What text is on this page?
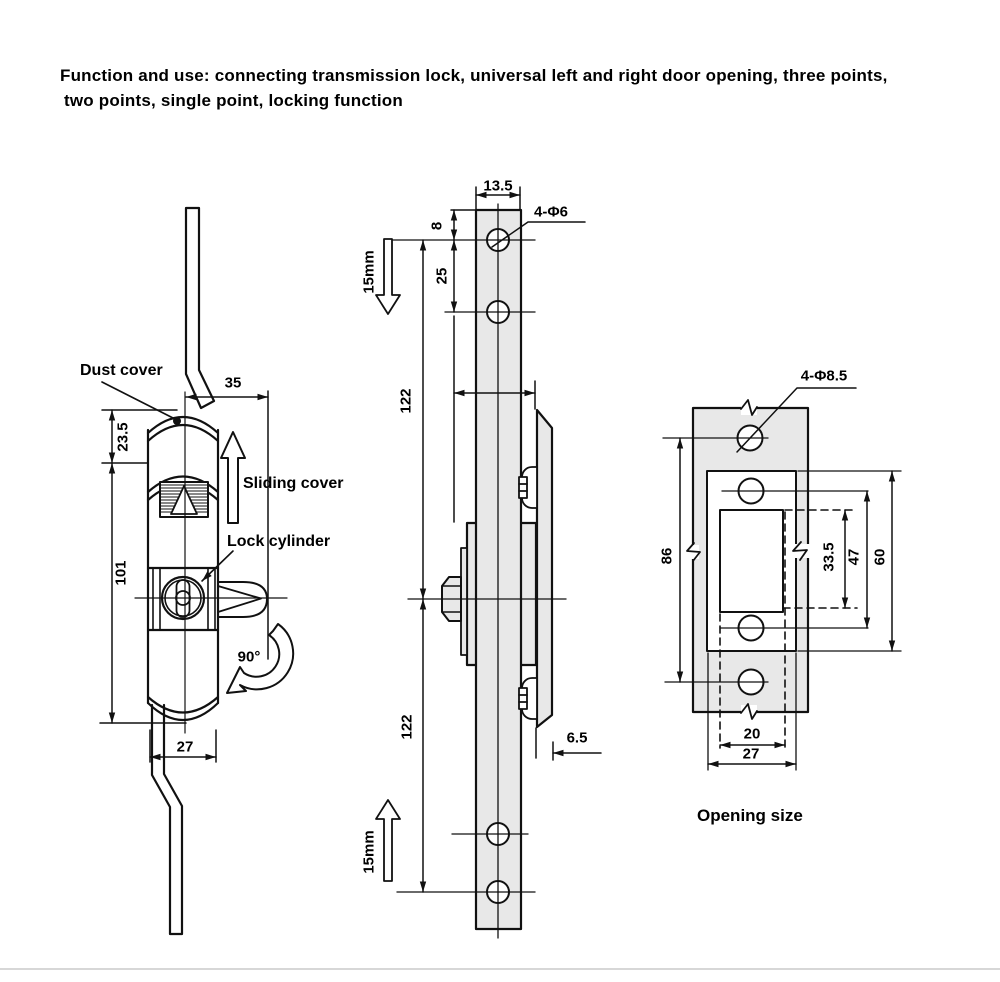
Function and use: connecting transmission lock, universal left and right door opening, three points,
two points, single point, locking function
Dust cover
Sliding cover
Lock cylinder
90°
35
23.5
101
27
13.5
8
25
4-Φ6
122
122
15mm
15mm
6.5
4-Φ8.5
86	33.5 47 60
20
27
Opening size
